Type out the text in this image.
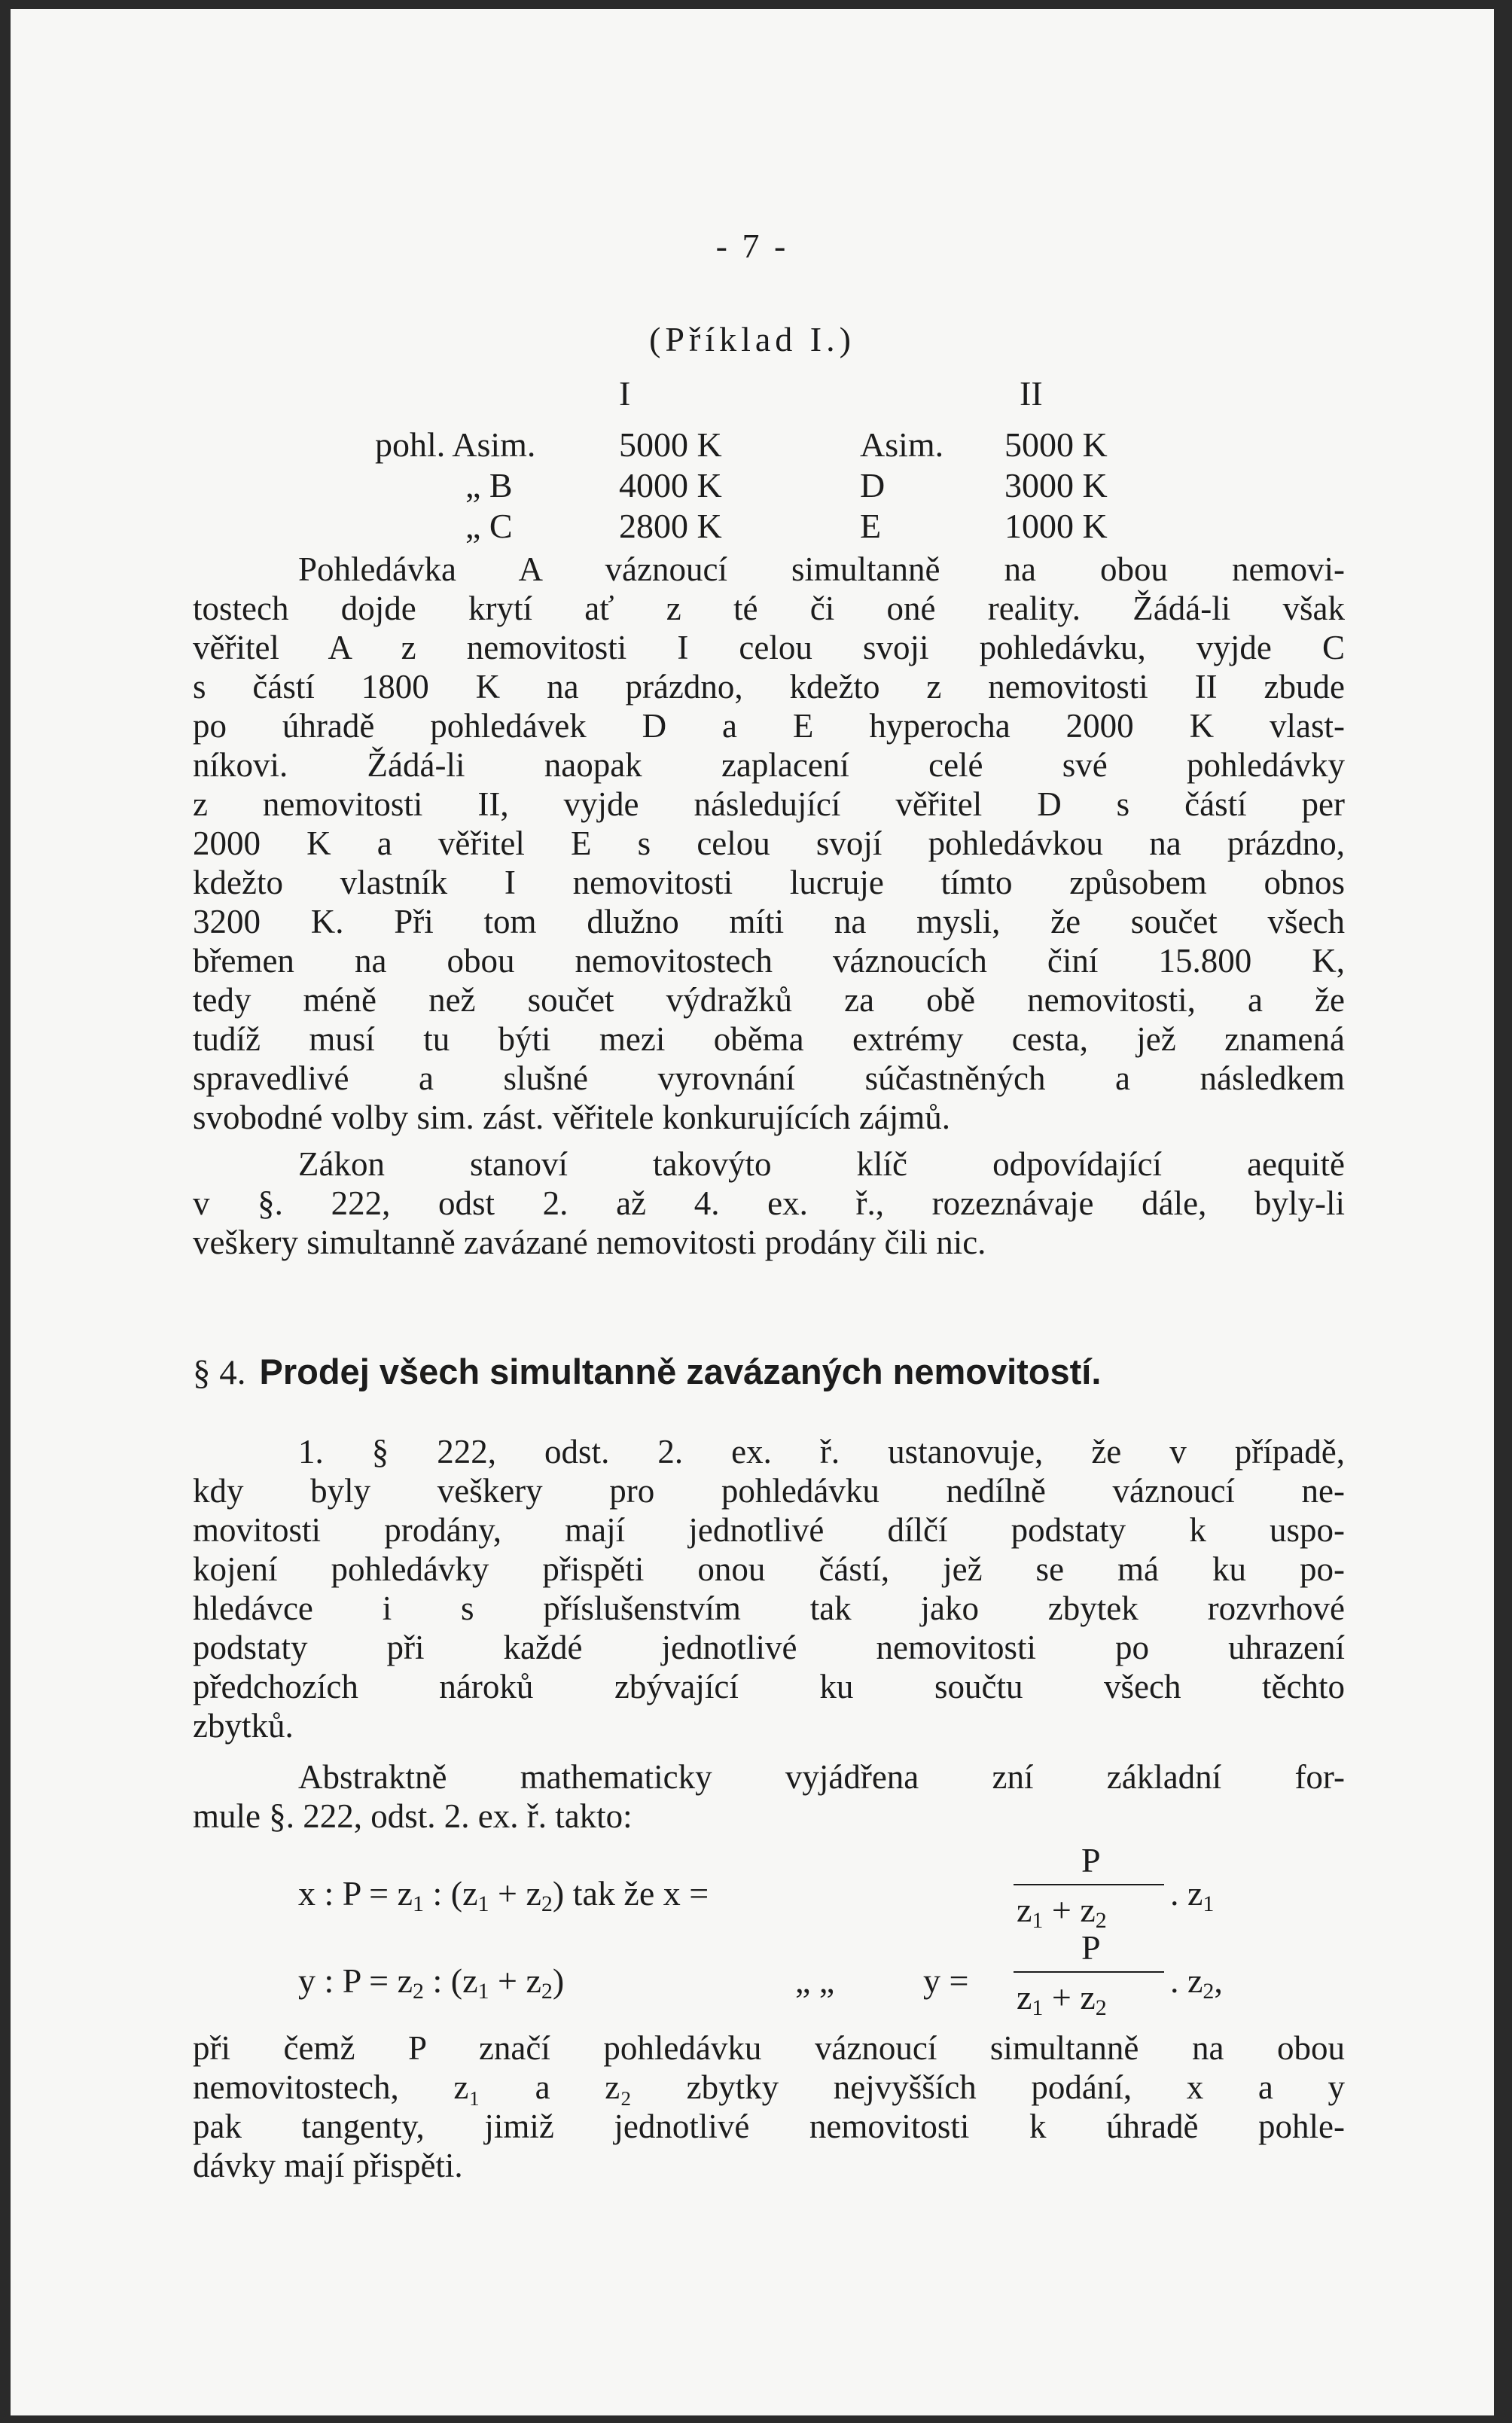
- 7 -
(Příklad I.)
I	II
pohl. Asim. 5000 K	Asim. 5000 K
„ B	4000 K	D	3000 K
„ C	2800 K	E	1000 K

Pohledávka A váznoucí simultanně na obou nemovi-

tostech dojde krytí ať z té či oné reality. Žádá-li však

věřitel A z nemovitosti I celou svoji pohledávku, vyjde C

s částí 1800 K na prázdno, kdežto z nemovitosti II zbude

po úhradě pohledávek D a E hyperocha 2000 K vlast-

níkovi. Žádá-li naopak zaplacení celé své pohledávky

z nemovitosti II, vyjde následující věřitel D s částí per

2000 K a věřitel E s celou svojí pohledávkou na prázdno,

kdežto vlastník I nemovitosti lucruje tímto způsobem obnos

3200 K. Při tom dlužno míti na mysli, že součet všech

břemen na obou nemovitostech váznoucích činí 15.800 K,

tedy méně než součet výdražků za obě nemovitosti, a že

tudíž musí tu býti mezi oběma extrémy cesta, jež znamená

spravedlivé a slušné vyrovnání súčastněných a následkem

svobodné volby sim. zást. věřitele konkurujících zájmů.

Zákon stanoví takovýto klíč odpovídající aequitě

v §. 222, odst 2. až 4. ex. ř., rozeznávaje dále, byly-li

veškery simultanně zavázané nemovitosti prodány čili nic.

§ 4. Prodej všech simultanně zavázaných nemovitostí.

1. § 222, odst. 2. ex. ř. ustanovuje, že v případě,

kdy byly veškery pro pohledávku nedílně váznoucí ne-

movitosti prodány, mají jednotlivé dílčí podstaty k uspo-

kojení pohledávky přispěti onou částí, jež se má ku po-

hledávce i s příslušenstvím tak jako zbytek rozvrhové

podstaty při každé jednotlivé nemovitosti po uhrazení

předchozích nároků zbývající ku součtu všech těchto

zbytků.

Abstraktně mathematicky vyjádřena zní základní for-

mule §. 222, odst. 2. ex. ř. takto:

x : $P = z_1$ : $(z_1 + z_2)$ tak že x =
P
$z_1 + z_2$
. $z_1$
y : $P = z_2$ : $(z_1 + z_2)$	„ „	y =
P
$z_1 + z_2$
. $z_2$,

při čemž P značí pohledávku váznoucí simultanně na obou

nemovitostech, z₁ a z₂ zbytky nejvyšších podání, x a y

pak tangenty, jimiž jednotlivé nemovitosti k úhradě pohle-

dávky mají přispěti.
